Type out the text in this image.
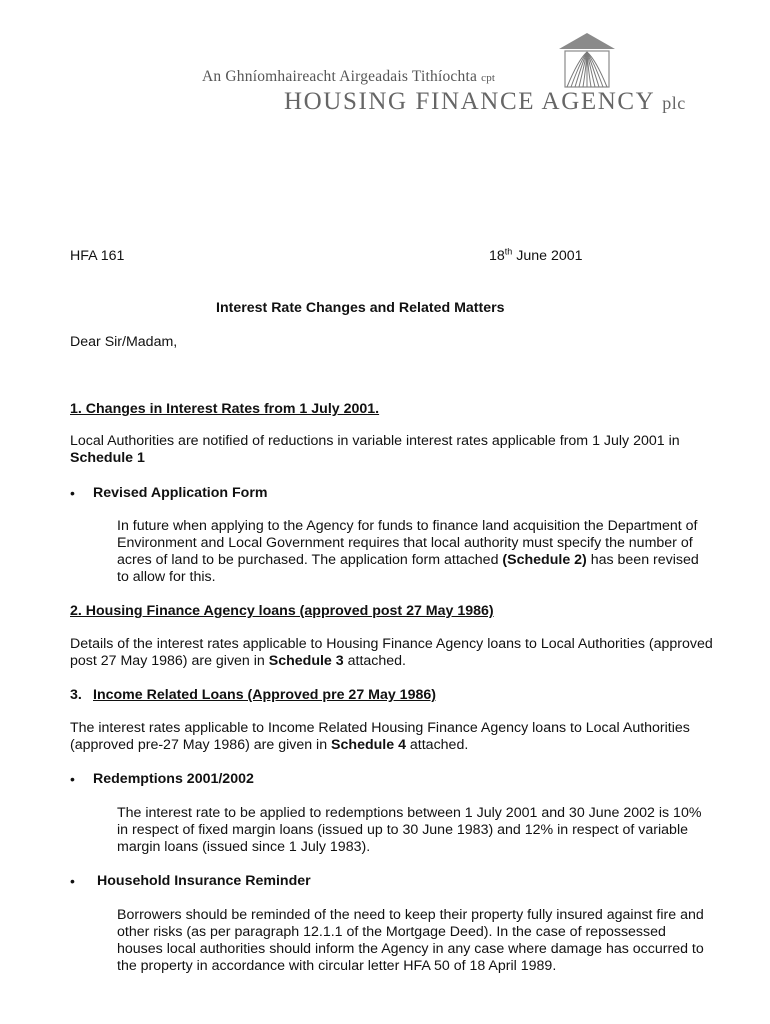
An Ghníomhaireacht Airgeadais Tithíochta cpt
HOUSING FINANCE AGENCY plc
HFA 161	18th June 2001
Interest Rate Changes and Related Matters
Dear Sir/Madam,
1. Changes in Interest Rates from 1 July 2001.
Local Authorities are notified of reductions in variable interest rates applicable from 1 July 2001 in Schedule 1
• Revised Application Form
In future when applying to the Agency for funds to finance land acquisition the Department of Environment and Local Government requires that local authority must specify the number of acres of land to be purchased. The application form attached (Schedule 2) has been revised to allow for this.
2. Housing Finance Agency loans (approved post 27 May 1986)
Details of the interest rates applicable to Housing Finance Agency loans to Local Authorities (approved post 27 May 1986) are given in Schedule 3 attached.
3. Income Related Loans (Approved pre 27 May 1986)
The interest rates applicable to Income Related Housing Finance Agency loans to Local Authorities (approved pre-27 May 1986) are given in Schedule 4 attached.
• Redemptions 2001/2002
The interest rate to be applied to redemptions between 1 July 2001 and 30 June 2002 is 10% in respect of fixed margin loans (issued up to 30 June 1983) and 12% in respect of variable margin loans (issued since 1 July 1983).
• Household Insurance Reminder
Borrowers should be reminded of the need to keep their property fully insured against fire and other risks (as per paragraph 12.1.1 of the Mortgage Deed). In the case of repossessed houses local authorities should inform the Agency in any case where damage has occurred to the property in accordance with circular letter HFA 50 of 18 April 1989.
